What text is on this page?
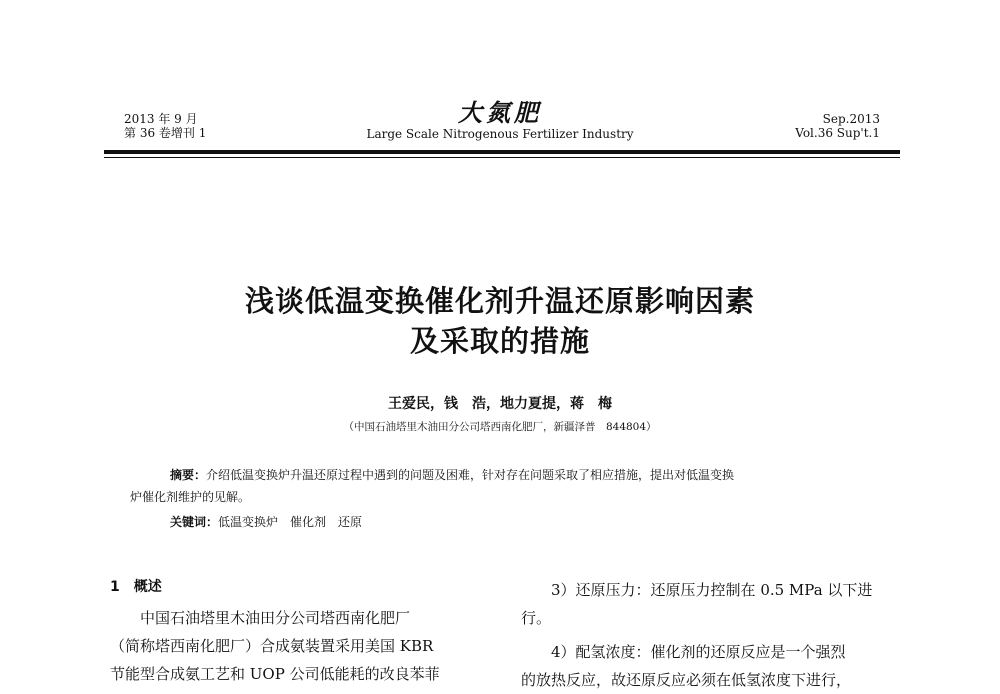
2013 年 9 月
第 36 卷增刊 1
大氮肥
Large Scale Nitrogenous Fertilizer Industry
Sep.2013
Vol.36 Sup't.1
浅谈低温变换催化剂升温还原影响因素
及采取的措施
王爱民，钱　浩，地力夏提，蒋　梅
（中国石油塔里木油田分公司塔西南化肥厂，新疆泽普　844804）
摘要：介绍低温变换炉升温还原过程中遇到的问题及困难，针对存在问题采取了相应措施，提出对低温变换
炉催化剂维护的见解。
关键词：低温变换炉　催化剂　还原
1 概述

中国石油塔里木油田分公司塔西南化肥厂

（简称塔西南化肥厂）合成氨装置采用美国 KBR

节能型合成氨工艺和 UOP 公司低能耗的改良苯菲

3）还原压力：还原压力控制在 0.5 MPa 以下进

行。

4）配氢浓度：催化剂的还原反应是一个强烈

的放热反应，故还原反应必须在低氢浓度下进行，
